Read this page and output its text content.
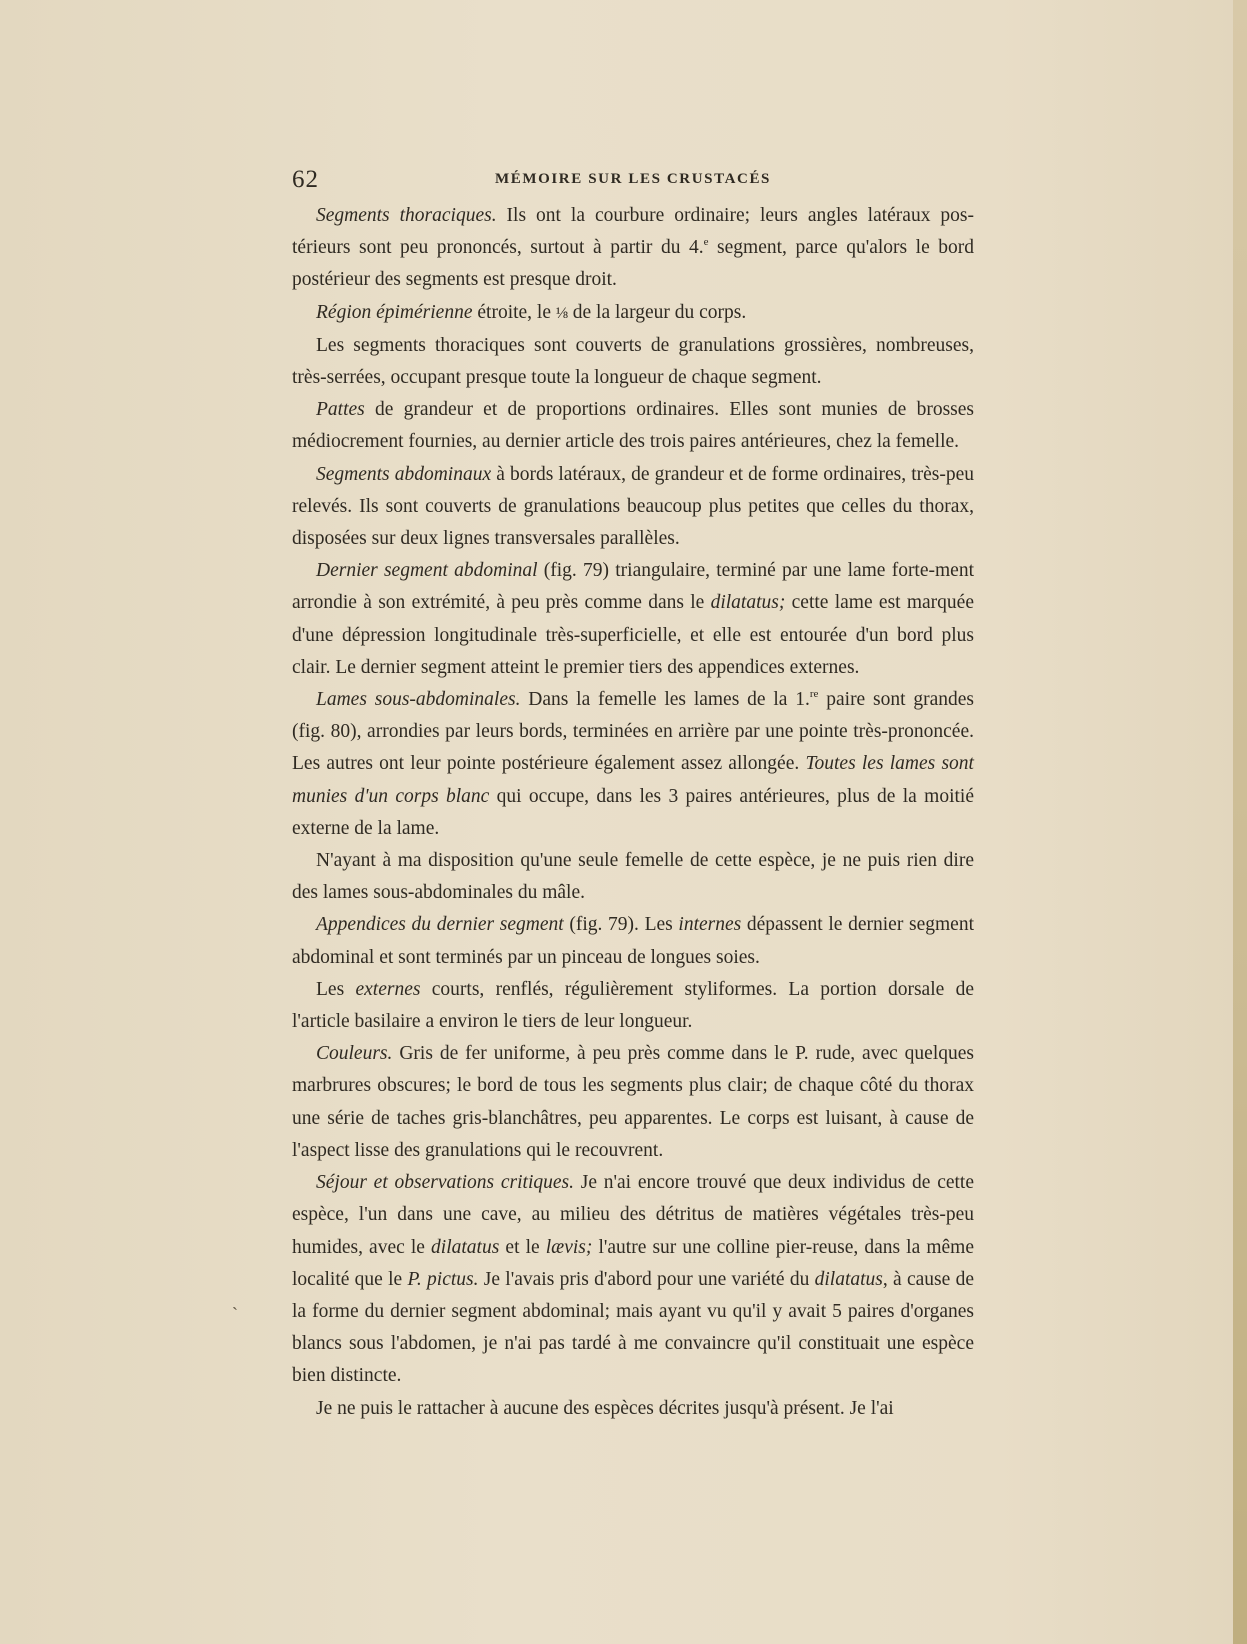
62	MÉMOIRE SUR LES CRUSTACÉS
ˏ

Segments thoraciques. Ils ont la courbure ordinaire; leurs angles latéraux pos-térieurs sont peu prononcés, surtout à partir du 4.$^e$ segment, parce qu'alors le bord postérieur des segments est presque droit.

Région épimérienne étroite, le ⅛ de la largeur du corps.

Les segments thoraciques sont couverts de granulations grossières, nombreuses, très-serrées, occupant presque toute la longueur de chaque segment.

Pattes de grandeur et de proportions ordinaires. Elles sont munies de brosses médiocrement fournies, au dernier article des trois paires antérieures, chez la femelle.

Segments abdominaux à bords latéraux, de grandeur et de forme ordinaires, très-peu relevés. Ils sont couverts de granulations beaucoup plus petites que celles du thorax, disposées sur deux lignes transversales parallèles.

Dernier segment abdominal (fig. 79) triangulaire, terminé par une lame forte-ment arrondie à son extrémité, à peu près comme dans le dilatatus; cette lame est marquée d'une dépression longitudinale très-superficielle, et elle est entourée d'un bord plus clair. Le dernier segment atteint le premier tiers des appendices externes.

Lames sous-abdominales. Dans la femelle les lames de la 1.$^{re}$ paire sont grandes (fig. 80), arrondies par leurs bords, terminées en arrière par une pointe très-prononcée. Les autres ont leur pointe postérieure également assez allongée. Toutes les lames sont munies d'un corps blanc qui occupe, dans les 3 paires antérieures, plus de la moitié externe de la lame.

N'ayant à ma disposition qu'une seule femelle de cette espèce, je ne puis rien dire des lames sous-abdominales du mâle.

Appendices du dernier segment (fig. 79). Les internes dépassent le dernier segment abdominal et sont terminés par un pinceau de longues soies.

Les externes courts, renflés, régulièrement styliformes. La portion dorsale de l'article basilaire a environ le tiers de leur longueur.

Couleurs. Gris de fer uniforme, à peu près comme dans le P. rude, avec quelques marbrures obscures; le bord de tous les segments plus clair; de chaque côté du thorax une série de taches gris-blanchâtres, peu apparentes. Le corps est luisant, à cause de l'aspect lisse des granulations qui le recouvrent.

Séjour et observations critiques. Je n'ai encore trouvé que deux individus de cette espèce, l'un dans une cave, au milieu des détritus de matières végétales très-peu humides, avec le dilatatus et le lævis; l'autre sur une colline pier-reuse, dans la même localité que le P. pictus. Je l'avais pris d'abord pour une variété du dilatatus, à cause de la forme du dernier segment abdominal; mais ayant vu qu'il y avait 5 paires d'organes blancs sous l'abdomen, je n'ai pas tardé à me convaincre qu'il constituait une espèce bien distincte.

Je ne puis le rattacher à aucune des espèces décrites jusqu'à présent. Je l'ai
